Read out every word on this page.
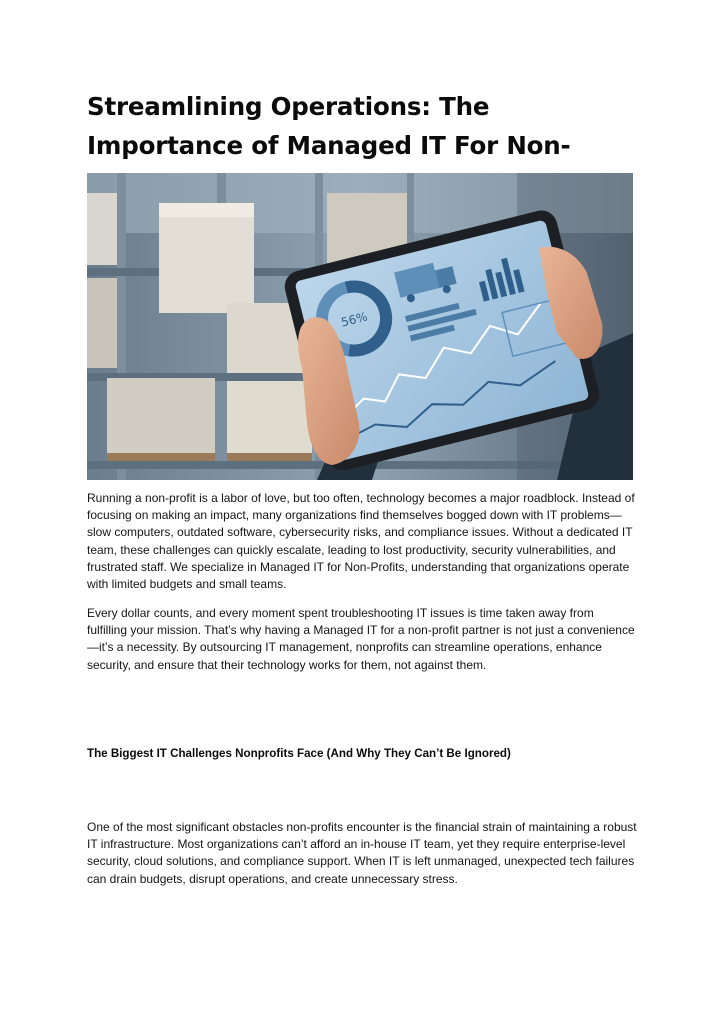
Streamlining Operations: The Importance of Managed IT For Non-
56%

Running a non-profit is a labor of love, but too often, technology becomes a major roadblock. Instead of focusing on making an impact, many organizations find themselves bogged down with IT problems—slow computers, outdated software, cybersecurity risks, and compliance issues. Without a dedicated IT team, these challenges can quickly escalate, leading to lost productivity, security vulnerabilities, and frustrated staff. We specialize in Managed IT for Non-Profits, understanding that organizations operate with limited budgets and small teams.

Every dollar counts, and every moment spent troubleshooting IT issues is time taken away from fulfilling your mission. That’s why having a Managed IT for a non-profit partner is not just a convenience—it’s a necessity. By outsourcing IT management, nonprofits can streamline operations, enhance security, and ensure that their technology works for them, not against them.

The Biggest IT Challenges Nonprofits Face (And Why They Can’t Be Ignored)

One of the most significant obstacles non-profits encounter is the financial strain of maintaining a robust IT infrastructure. Most organizations can’t afford an in-house IT team, yet they require enterprise-level security, cloud solutions, and compliance support. When IT is left unmanaged, unexpected tech failures can drain budgets, disrupt operations, and create unnecessary stress.
